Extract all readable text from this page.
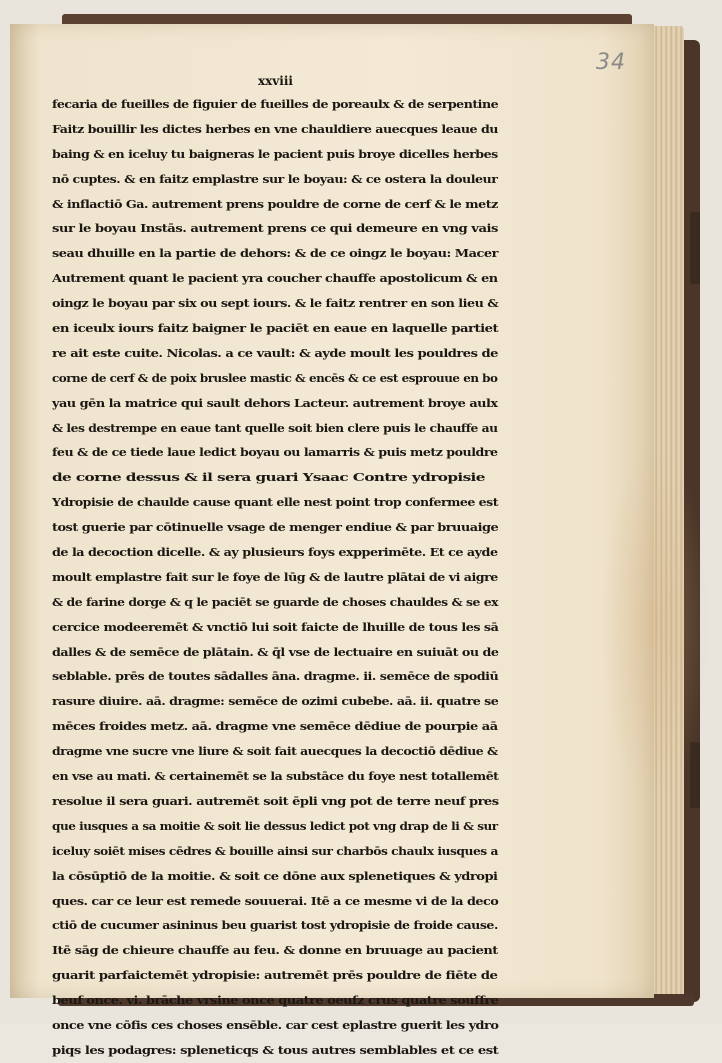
34
xxviii
fecaria de fueilles de figuier de fueilles de poreaulx & de serpentine
Faitz bouillir les dictes herbes en vne chauldiere auecques leaue du
baing & en iceluy tu baigneras le pacient puis broye dicelles herbes
nō cuptes. & en faitz emplastre sur le boyau: & ce ostera la douleur
& inflactiō Ga. autrement prens pouldre de corne de cerf & le metz
sur le boyau Instās. autrement prens ce qui demeure en vng vais
seau dhuille en la partie de dehors: & de ce oingz le boyau: Macer
Autrement quant le pacient yra coucher chauffe apostolicum & en
oingz le boyau par six ou sept iours. & le faitz rentrer en son lieu &
en iceulx iours faitz baigner le paciēt en eaue en laquelle partiet
re ait este cuite. Nicolas. a ce vault: & ayde moult les pouldres de
corne de cerf & de poix bruslee mastic & encēs & ce est esprouue en bo
yau gēn la matrice qui sault dehors Lacteur. autrement broye aulx
& les destrempe en eaue tant quelle soit bien clere puis le chauffe au
feu & de ce tiede laue ledict boyau ou lamarris & puis metz pouldre
de corne dessus & il sera guari Ysaac Contre ydropisie
Ydropisie de chaulde cause quant elle nest point trop confermee est
tost guerie par cōtinuelle vsage de menger endiue & par bruuaige
de la decoction dicelle. & ay plusieurs foys expperimēte. Et ce ayde
moult emplastre fait sur le foye de lūg & de lautre plātai de vi aigre
& de farine dorge & q le paciēt se guarde de choses chauldes & se ex
cercice modeeremēt & vnctiō lui soit faicte de lhuille de tous les sā
dalles & de semēce de plātain. & q̄l vse de lectuaire en suiuāt ou de
seblable. prēs de toutes sādalles āna. dragme. ii. semēce de spodiū
rasure diuire. aā. dragme: semēce de ozimi cubebe. aā. ii. quatre se
mēces froides metz. aā. dragme vne semēce dēdiue de pourpie aā
dragme vne sucre vne liure & soit fait auecques la decoctiō dēdiue &
en vse au mati. & certainemēt se la substāce du foye nest totallemēt
resolue il sera guari. autremēt soit ēpli vng pot de terre neuf pres
que iusques a sa moitie & soit lie dessus ledict pot vng drap de li & sur
iceluy soiēt mises cēdres & bouille ainsi sur charbōs chaulx iusques a
la cōsūptiō de la moitie. & soit ce dōne aux splenetiques & ydropi
ques. car ce leur est remede souuerai. Itē a ce mesme vi de la deco
ctiō de cucumer asininus beu guarist tost ydropisie de froide cause.
Itē sāg de chieure chauffe au feu. & donne en bruuage au pacient
guarit parfaictemēt ydropisie: autremēt prēs pouldre de fiēte de
beuf once. vi. brāche vrsine once quatre oeufz crus quatre souffre
once vne cōfis ces choses ensēble. car cest eplastre guerit les ydro
piqs les podagres: spleneticqs & tous autres semblables et ce est
